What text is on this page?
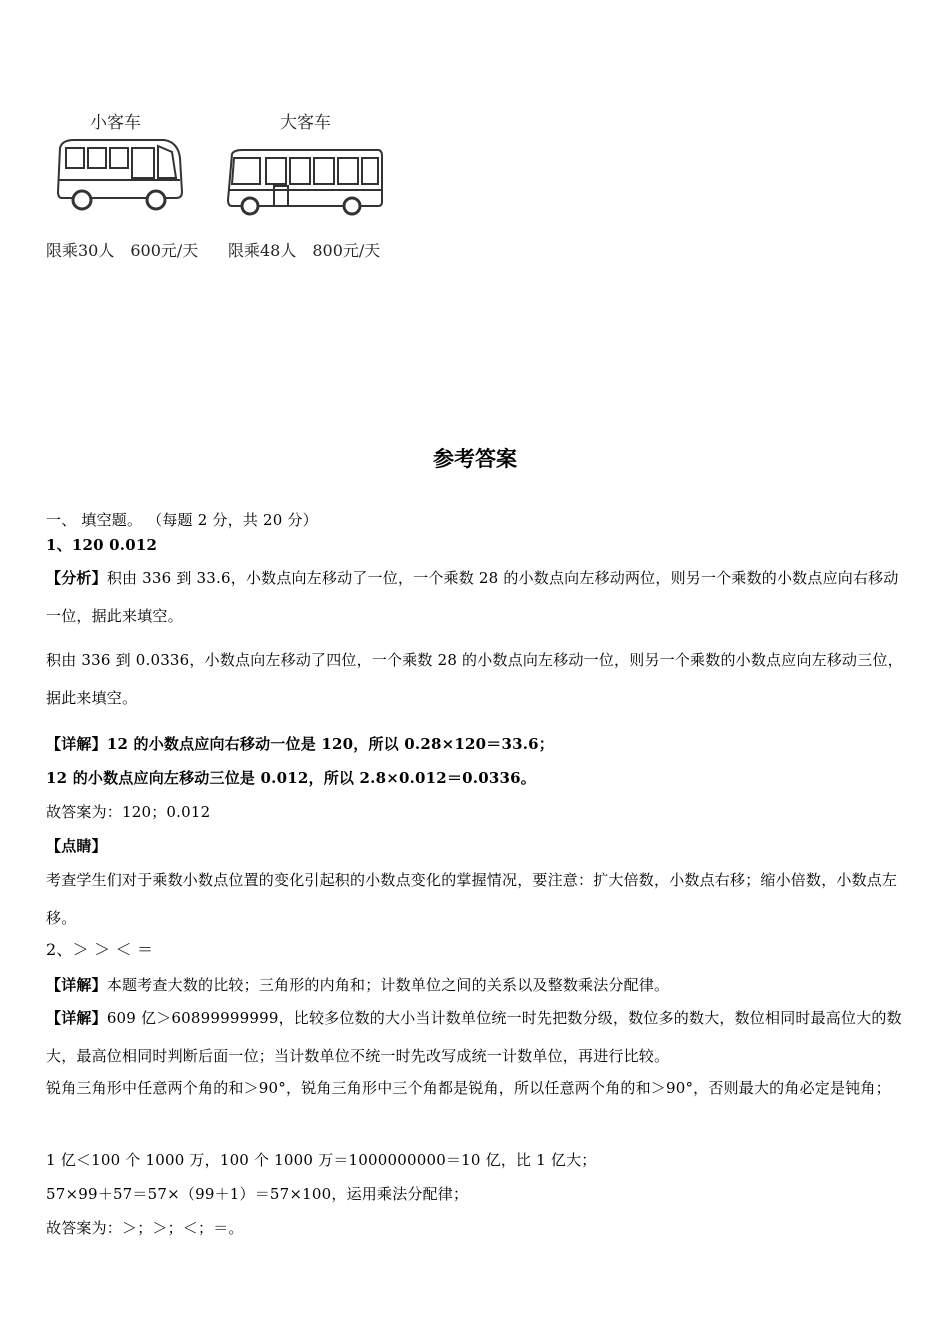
小客车
限乘30人 600元/天
大客车
限乘48人 800元/天
参考答案
一、 填空题。 （每题 2 分，共 20 分）
1、120 0.012
【分析】积由 336 到 33.6，小数点向左移动了一位，一个乘数 28 的小数点向左移动两位，则另一个乘数的小数点应向右移动一位，据此来填空。
积由 336 到 0.0336，小数点向左移动了四位，一个乘数 28 的小数点向左移动一位，则另一个乘数的小数点应向左移动三位，据此来填空。
【详解】12 的小数点应向右移动一位是 120，所以 0.28×120＝33.6；
12 的小数点应向左移动三位是 0.012，所以 2.8×0.012＝0.0336。
故答案为：120；0.012
【点睛】
考查学生们对于乘数小数点位置的变化引起积的小数点变化的掌握情况，要注意：扩大倍数，小数点右移；缩小倍数，小数点左移。
2、＞ ＞ ＜ ＝
【详解】本题考查大数的比较；三角形的内角和；计数单位之间的关系以及整数乘法分配律。
【详解】609 亿＞60899999999，比较多位数的大小当计数单位统一时先把数分级，数位多的数大，数位相同时最高位大的数大，最高位相同时判断后面一位；当计数单位不统一时先改写成统一计数单位，再进行比较。
锐角三角形中任意两个角的和＞90°，锐角三角形中三个角都是锐角，所以任意两个角的和＞90°，否则最大的角必定是钝角；
1 亿＜100 个 1000 万，100 个 1000 万＝1000000000＝10 亿，比 1 亿大；
57×99＋57＝57×（99＋1）＝57×100，运用乘法分配律；
故答案为：＞；＞；＜；＝。
